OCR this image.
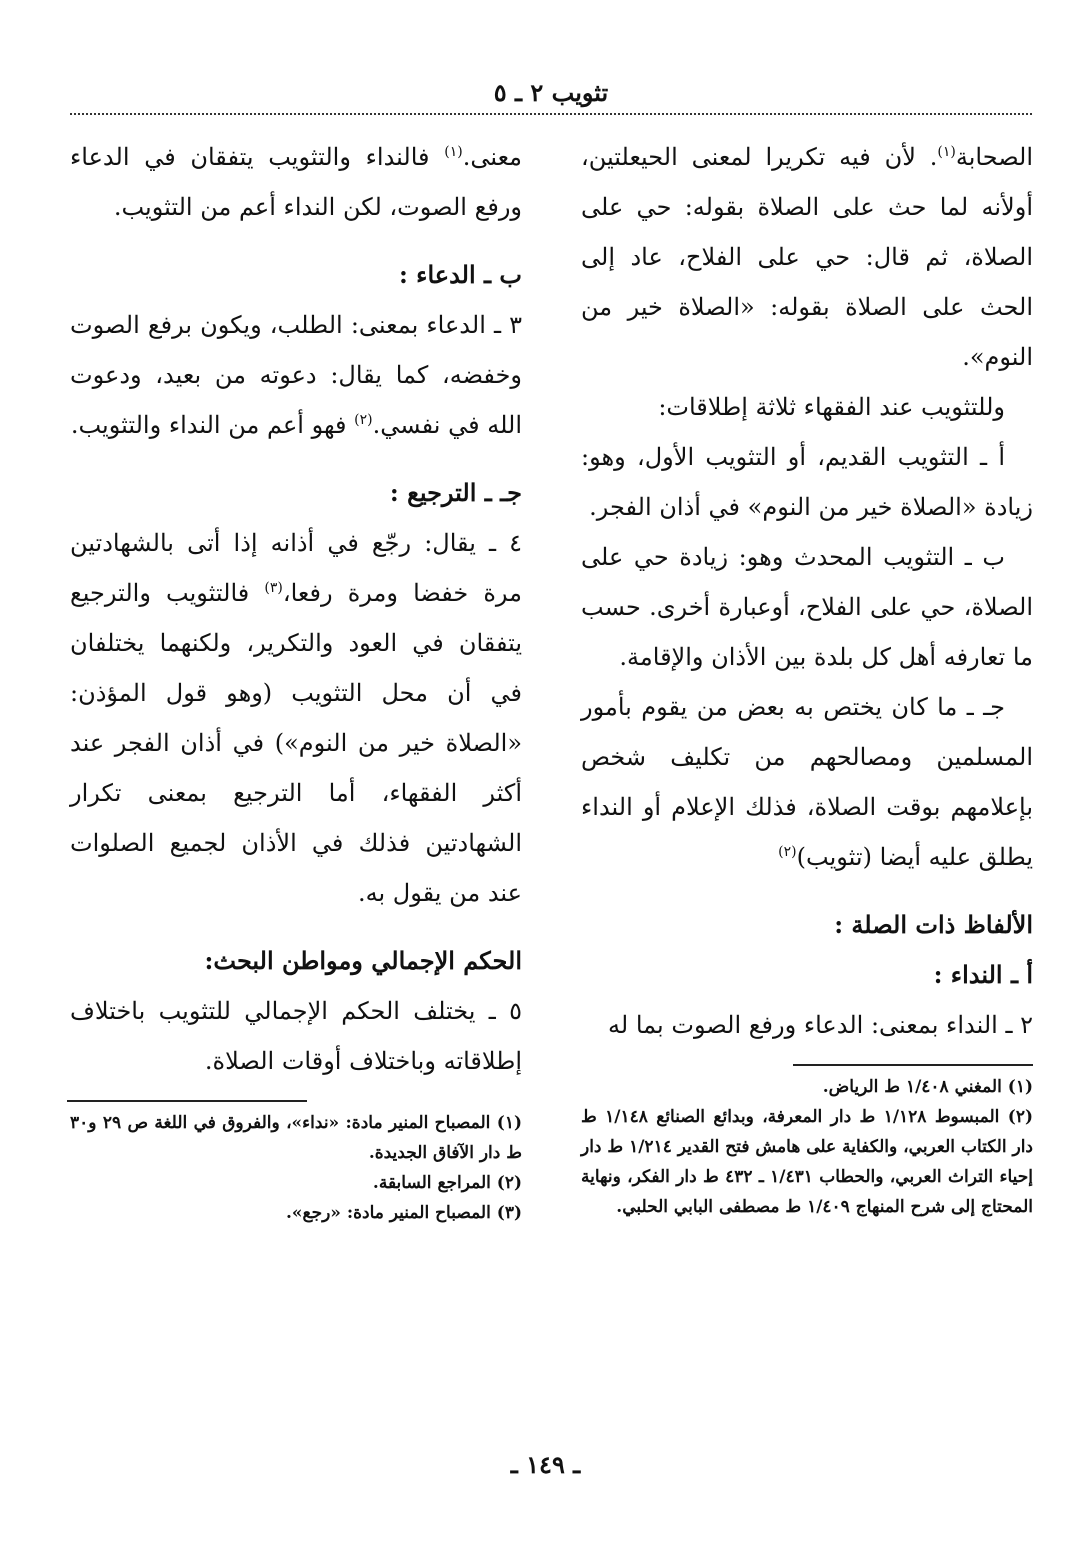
تثويب ٢ ـ ٥

الصحابة$^{(١)}$. لأن فيه تكريرا لمعنى الحيعلتين، أولأنه لما حث على الصلاة بقوله: حي على الصلاة، ثم قال: حي على الفلاح، عاد إلى الحث على الصلاة بقوله: «الصلاة خير من النوم».

وللتثويب عند الفقهاء ثلاثة إطلاقات:

أ ـ التثويب القديم، أو التثويب الأول، وهو: زيادة «الصلاة خير من النوم» في أذان الفجر.

ب ـ التثويب المحدث وهو: زيادة حي على الصلاة، حي على الفلاح، أوعبارة أخرى. حسب ما تعارفه أهل كل بلدة بين الأذان والإقامة.

جـ ـ ما كان يختص به بعض من يقوم بأمور المسلمين ومصالحهم من تكليف شخص بإعلامهم بوقت الصلاة، فذلك الإعلام أو النداء يطلق عليه أيضا (تثويب)$^{(٢)}$

الألفاظ ذات الصلة :

أ ـ النداء :

٢ ـ النداء بمعنى: الدعاء ورفع الصوت بما له

(١) المغني ١/٤٠٨ ط الرياض.

(٢) المبسوط ١/١٢٨ ط دار المعرفة، وبدائع الصنائع ١/١٤٨ ط دار الكتاب العربي، والكفاية على هامش فتح القدير ١/٢١٤ ط دار إحياء التراث العربي، والحطاب ١/٤٣١ ـ ٤٣٢ ط دار الفكر، ونهاية المحتاج إلى شرح المنهاج ١/٤٠٩ ط مصطفى البابي الحلبي.

معنى.$^{(١)}$ فالنداء والتثويب يتفقان في الدعاء ورفع الصوت، لكن النداء أعم من التثويب.

ب ـ الدعاء :

٣ ـ الدعاء بمعنى: الطلب، ويكون برفع الصوت وخفضه، كما يقال: دعوته من بعيد، ودعوت الله في نفسي.$^{(٢)}$ فهو أعم من النداء والتثويب.

جـ ـ الترجيع :

٤ ـ يقال: رجّع في أذانه إذا أتى بالشهادتين مرة خفضا ومرة رفعا،$^{(٣)}$ فالتثويب والترجيع يتفقان في العود والتكرير، ولكنهما يختلفان في أن محل التثويب (وهو قول المؤذن: «الصلاة خير من النوم») في أذان الفجر عند أكثر الفقهاء، أما الترجيع بمعنى تكرار الشهادتين فذلك في الأذان لجميع الصلوات عند من يقول به.

الحكم الإجمالي ومواطن البحث:

٥ ـ يختلف الحكم الإجمالي للتثويب باختلاف إطلاقاته وباختلاف أوقات الصلاة.

(١) المصباح المنير مادة: «نداء»، والفروق في اللغة ص ٢٩ و٣٠ ط دار الآفاق الجديدة.

(٢) المراجع السابقة.

(٣) المصباح المنير مادة: «رجع».

ـ ١٤٩ ـ
